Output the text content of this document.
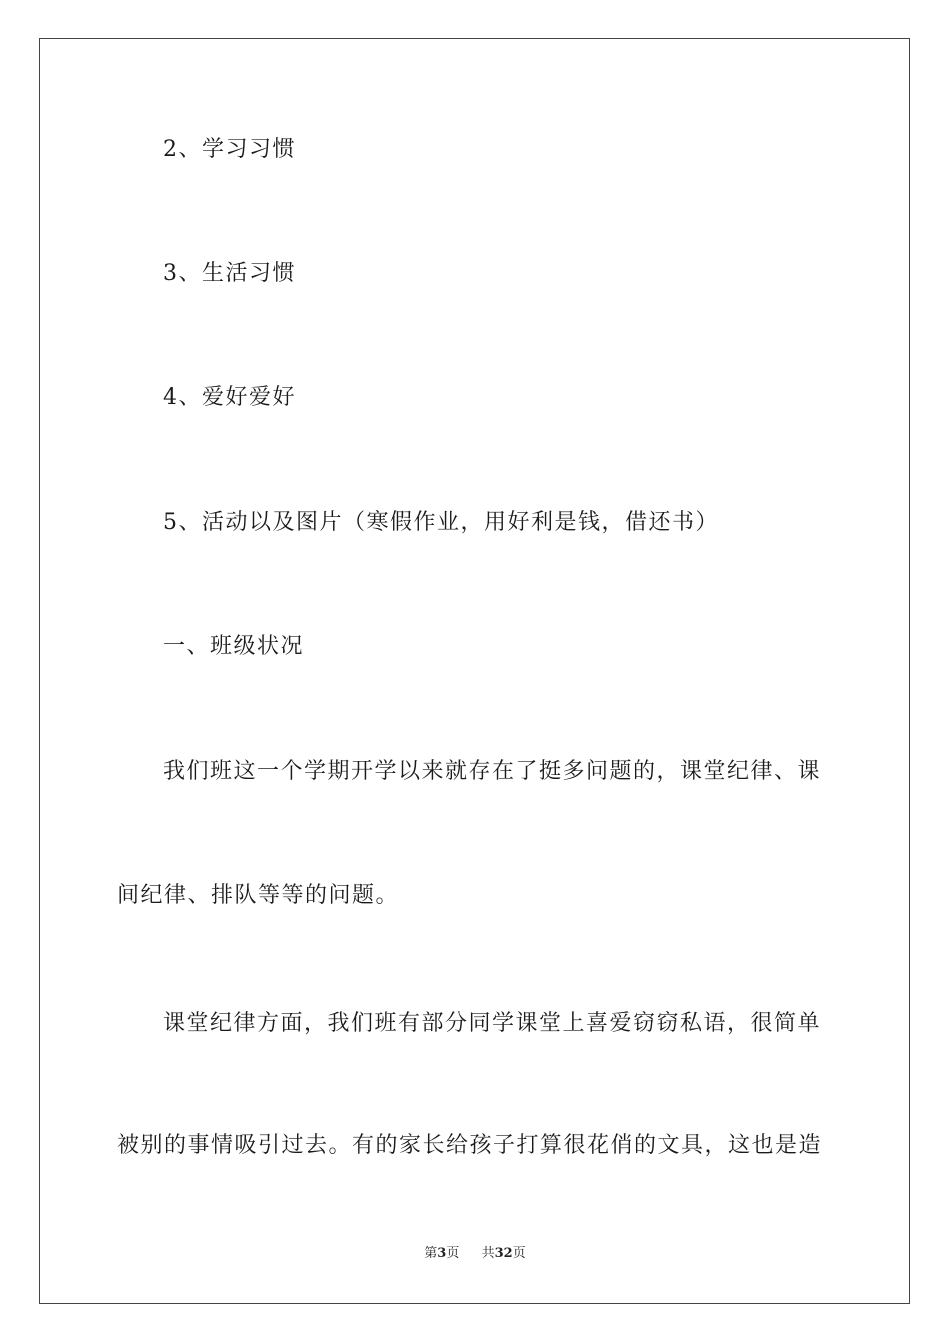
2、学习习惯
3、生活习惯
4、爱好爱好
5、活动以及图片（寒假作业，用好利是钱，借还书）
一、班级状况
我们班这一个学期开学以来就存在了挺多问题的，课堂纪律、课
间纪律、排队等等的问题。
课堂纪律方面，我们班有部分同学课堂上喜爱窃窃私语，很简单
被别的事情吸引过去。有的家长给孩子打算很花俏的文具，这也是造
第3页 共32页
